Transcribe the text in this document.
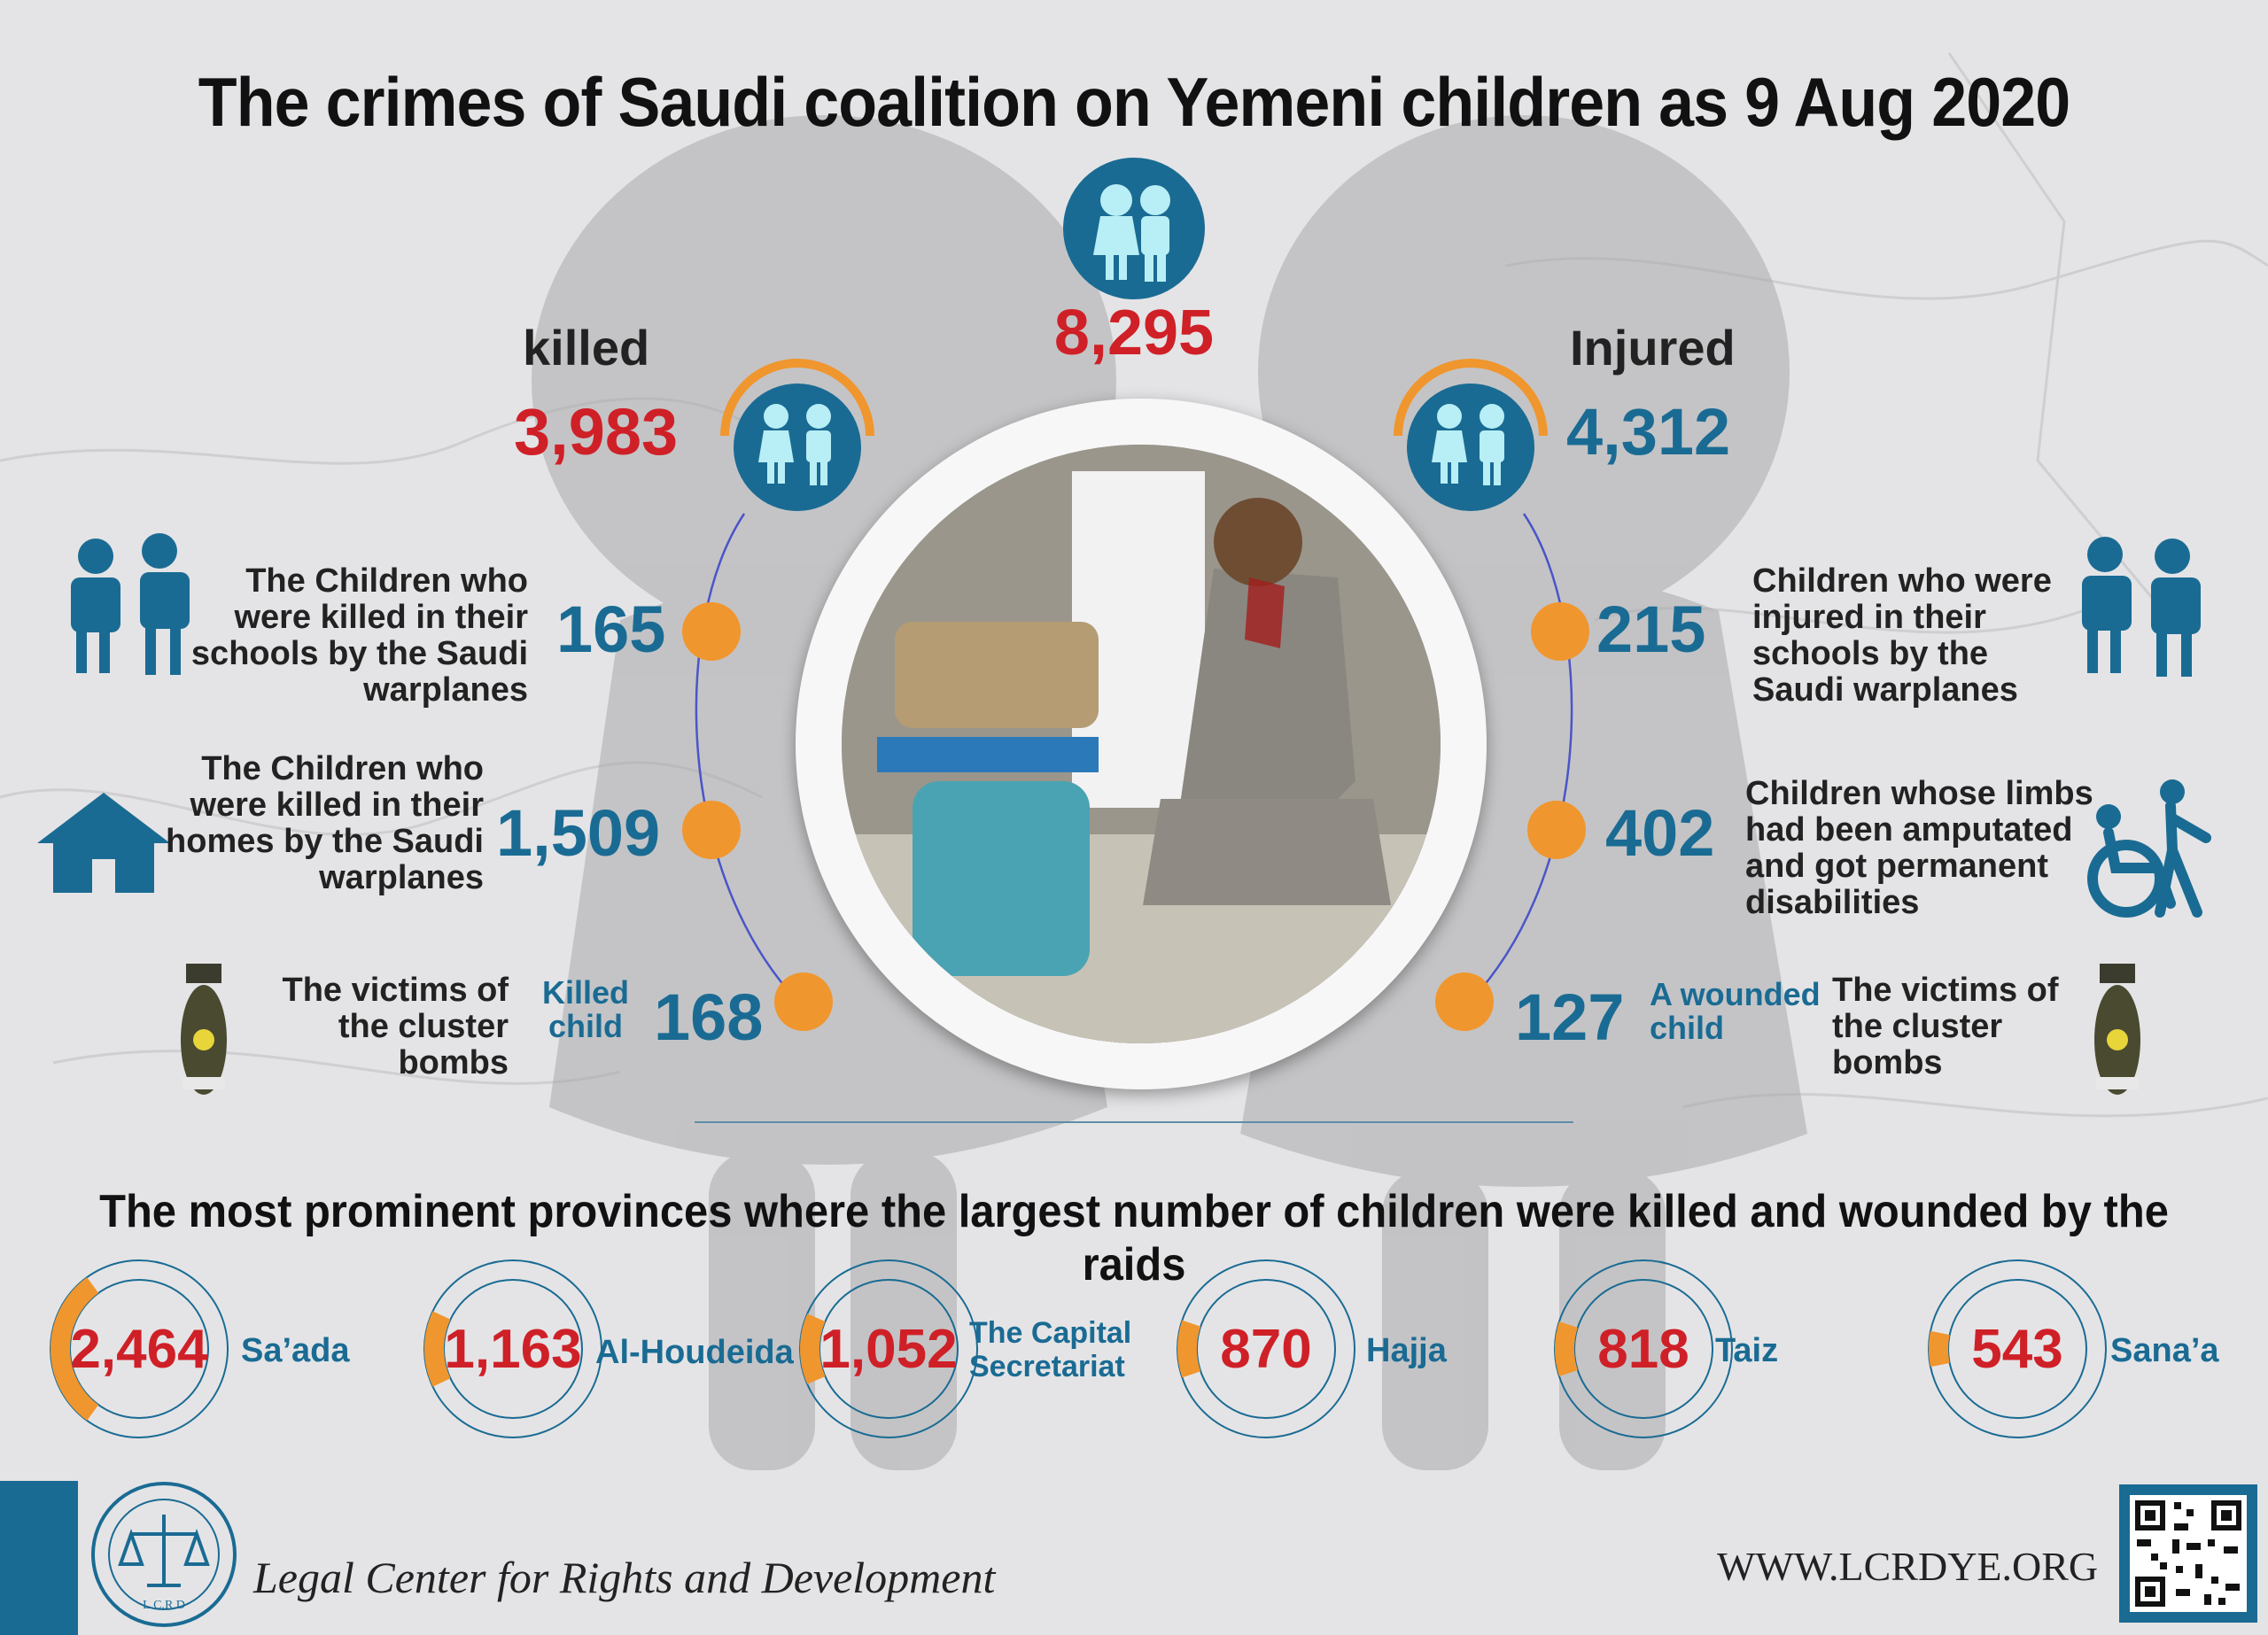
The crimes of Saudi coalition on Yemeni children as 9 Aug 2020
8,295
killed
3,983
Injured
4,312
The Children who were killed in their schools by the Saudi warplanes
165
The Children who were killed in their homes by the Saudi warplanes
1,509
The victims of the cluster bombs
Killed child 168
215
Children who were injured in their schools by the Saudi warplanes
402
Children whose limbs had been amputated and got permanent disabilities
127 A wounded child
The victims of the cluster bombs
The most prominent provinces where the largest number of children were killed and wounded by the raids
2,464 Sa’ada	1,163 Al-Houdeida 1,052 The Capital Secretariat	870	Hajja	818 Taiz	543	Sana’a
L.C.R.D
Legal Center for Rights and Development	WWW.LCRDYE.ORG
